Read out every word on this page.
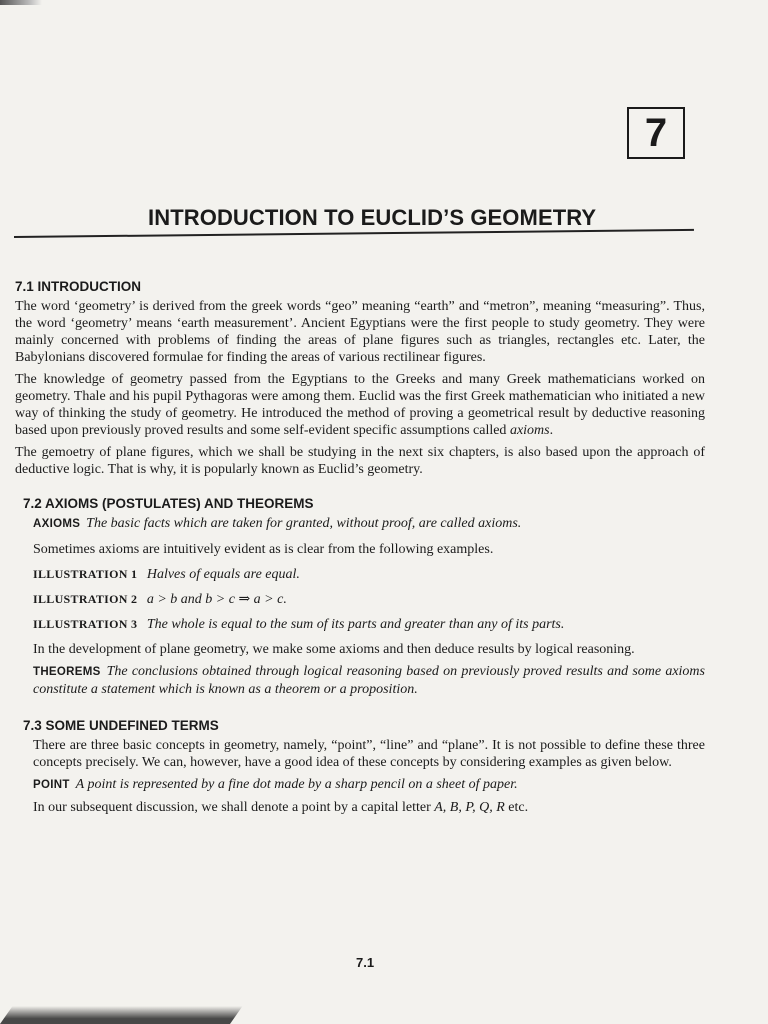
7
INTRODUCTION TO EUCLID’S GEOMETRY
7.1 INTRODUCTION

The word ‘geometry’ is derived from the greek words “geo” meaning “earth” and “metron”, meaning “measuring”. Thus, the word ‘geometry’ means ‘earth measurement’. Ancient Egyptians were the first people to study geometry. They were mainly concerned with problems of finding the areas of plane figures such as triangles, rectangles etc. Later, the Babylonians discovered formulae for finding the areas of various rectilinear figures.

The knowledge of geometry passed from the Egyptians to the Greeks and many Greek mathematicians worked on geometry. Thale and his pupil Pythagoras were among them. Euclid was the first Greek mathematician who initiated a new way of thinking the study of geometry. He introduced the method of proving a geometrical result by deductive reasoning based upon previously proved results and some self-evident specific assumptions called axioms.

The gemoetry of plane figures, which we shall be studying in the next six chapters, is also based upon the approach of deductive logic. That is why, it is popularly known as Euclid’s geometry.

7.2 AXIOMS (POSTULATES) AND THEOREMS

AXIOMS The basic facts which are taken for granted, without proof, are called axioms.

Sometimes axioms are intuitively evident as is clear from the following examples.

ILLUSTRATION 1 Halves of equals are equal.

ILLUSTRATION 2 a > b and b > c ⇒ a > c.

ILLUSTRATION 3 The whole is equal to the sum of its parts and greater than any of its parts.

In the development of plane geometry, we make some axioms and then deduce results by logical reasoning.

THEOREMS The conclusions obtained through logical reasoning based on previously proved results and some axioms constitute a statement which is known as a theorem or a proposition.

7.3 SOME UNDEFINED TERMS

There are three basic concepts in geometry, namely, “point”, “line” and “plane”. It is not possible to define these three concepts precisely. We can, however, have a good idea of these concepts by considering examples as given below.

POINT A point is represented by a fine dot made by a sharp pencil on a sheet of paper.

In our subsequent discussion, we shall denote a point by a capital letter A, B, P, Q, R etc.

7.1
